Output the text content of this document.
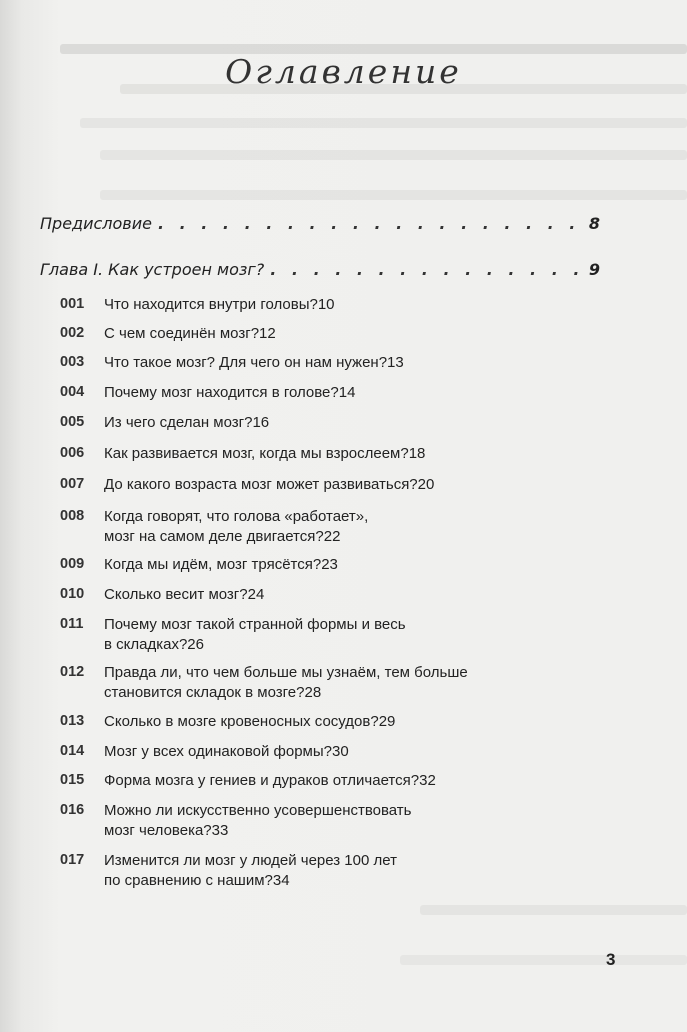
Оглавление
Предисловие . . .	8
Глава I. Как устроен мозг? . . .	9
001	Что находится внутри головы? 10
002	С чем соединён мозг? 12
003	Что такое мозг? Для чего он нам нужен? 13
004	Почему мозг находится в голове? 14
005	Из чего сделан мозг? 16
006	Как развивается мозг, когда мы взрослеем? 18
007	До какого возраста мозг может развиваться? 20
008	Когда говорят, что голова «работает»,
мозг на самом деле двигается? 22
009	Когда мы идём, мозг трясётся? 23
010	Сколько весит мозг? 24
011	Почему мозг такой странной формы и весь
в складках? 26
012	Правда ли, что чем больше мы узнаём, тем больше
становится складок в мозге? 28
013	Сколько в мозге кровеносных сосудов? 29
014	Мозг у всех одинаковой формы? 30
015	Форма мозга у гениев и дураков отличается? 32
016	Можно ли искусственно усовершенствовать
мозг человека? 33
017	Изменится ли мозг у людей через 100 лет
по сравнению с нашим? 34
3
